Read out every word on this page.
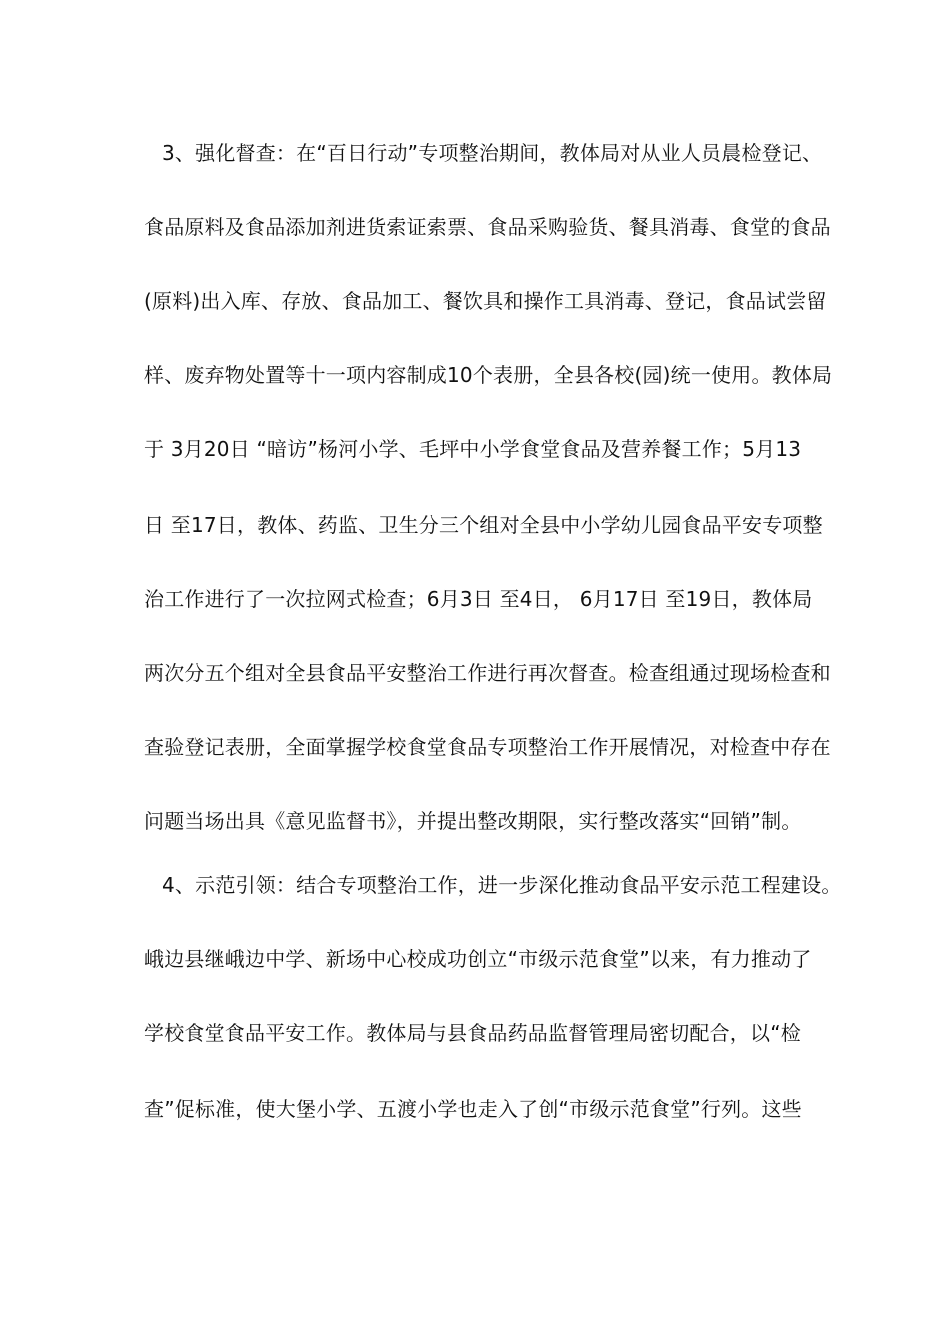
3、强化督查：在“百日行动”专项整治期间，教体局对从业人员晨检登记、
食品原料及食品添加剂进货索证索票、食品采购验货、餐具消毒、食堂的食品
(原料)出入库、存放、食品加工、餐饮具和操作工具消毒、登记，食品试尝留
样、废弃物处置等十一项内容制成10个表册，全县各校(园)统一使用。教体局
于 3月20日 “暗访”杨河小学、毛坪中小学食堂食品及营养餐工作；5月13
日 至17日，教体、药监、卫生分三个组对全县中小学幼儿园食品平安专项整
治工作进行了一次拉网式检查；6月3日 至4日， 6月17日 至19日，教体局
两次分五个组对全县食品平安整治工作进行再次督查。检查组通过现场检查和
查验登记表册，全面掌握学校食堂食品专项整治工作开展情况，对检查中存在
问题当场出具《意见监督书》，并提出整改期限，实行整改落实“回销”制。
4、示范引领：结合专项整治工作，进一步深化推动食品平安示范工程建设。
峨边县继峨边中学、新场中心校成功创立“市级示范食堂”以来，有力推动了
学校食堂食品平安工作。教体局与县食品药品监督管理局密切配合，以“检
查”促标准，使大堡小学、五渡小学也走入了创“市级示范食堂”行列。这些
